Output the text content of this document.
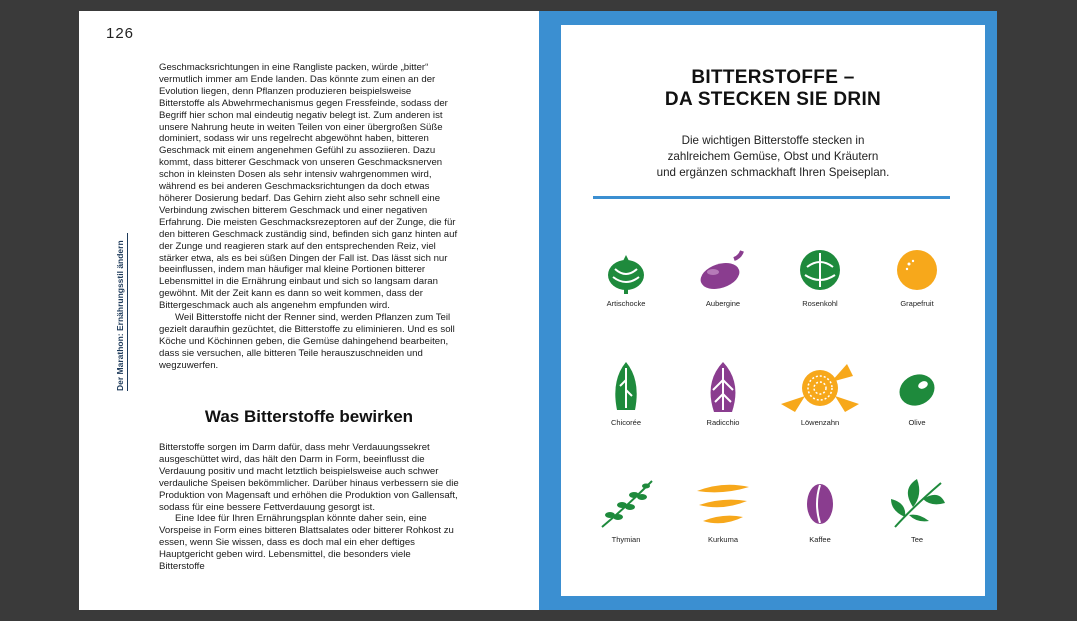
126
Der Marathon: Ernährungsstil ändern

Geschmacksrichtungen in eine Rangliste packen, würde „bitter“ vermutlich immer am Ende landen. Das könnte zum einen an der Evolution liegen, denn Pflanzen produzieren beispielsweise Bitterstoffe als Abwehrmechanismus gegen Fressfeinde, sodass der Begriff hier schon mal eindeutig negativ belegt ist. Zum anderen ist unsere Nahrung heute in weiten Teilen von einer übergroßen Süße dominiert, sodass wir uns regelrecht abgewöhnt haben, bitteren Geschmack mit einem angenehmen Gefühl zu assoziieren. Dazu kommt, dass bitterer Geschmack von unseren Geschmacksnerven schon in kleinsten Dosen als sehr intensiv wahrgenommen wird, während es bei anderen Geschmacksrichtungen da doch etwas höherer Dosierung bedarf. Das Gehirn zieht also sehr schnell eine Verbindung zwischen bitterem Geschmack und einer negativen Erfahrung. Die meisten Geschmacksrezeptoren auf der Zunge, die für den bitteren Geschmack zuständig sind, befinden sich ganz hinten auf der Zunge und reagieren stark auf den entsprechenden Reiz, viel stärker etwa, als es bei süßen Dingen der Fall ist. Das lässt sich nur beeinflussen, indem man häufiger mal kleine Portionen bitterer Lebensmittel in die Ernährung einbaut und sich so langsam daran gewöhnt. Mit der Zeit kann es dann so weit kommen, dass der Bittergeschmack auch als angenehm empfunden wird.

Weil Bitterstoffe nicht der Renner sind, werden Pflanzen zum Teil gezielt daraufhin gezüchtet, die Bitterstoffe zu eliminieren. Und es soll Köche und Köchinnen geben, die Gemüse dahingehend bearbeiten, dass sie versuchen, alle bitteren Teile herauszuschneiden und wegzuwerfen.

Was Bitterstoffe bewirken

Bitterstoffe sorgen im Darm dafür, dass mehr Verdauungssekret ausgeschüttet wird, das hält den Darm in Form, beeinflusst die Verdauung positiv und macht letztlich beispielsweise auch schwer verdauliche Speisen bekömmlicher. Darüber hinaus verbessern sie die Produktion von Magensaft und erhöhen die Produktion von Gallensaft, sodass für eine bessere Fettverdauung gesorgt ist.

Eine Idee für Ihren Ernährungsplan könnte daher sein, eine Vorspeise in Form eines bitteren Blattsalates oder bitterer Rohkost zu essen, wenn Sie wissen, dass es doch mal ein eher deftiges Hauptgericht geben wird. Lebensmittel, die besonders viele Bitterstoffe

BITTERSTOFFE –
DA STECKEN SIE DRIN
Die wichtigen Bitterstoffe stecken in
zahlreichem Gemüse, Obst und Kräutern
und ergänzen schmackhaft Ihren Speiseplan.
Artischocke	Aubergine	Rosenkohl	Grapefruit
Chicorée	Radicchio	Löwenzahn	Olive
Thymian	Kurkuma	Kaffee	Tee
